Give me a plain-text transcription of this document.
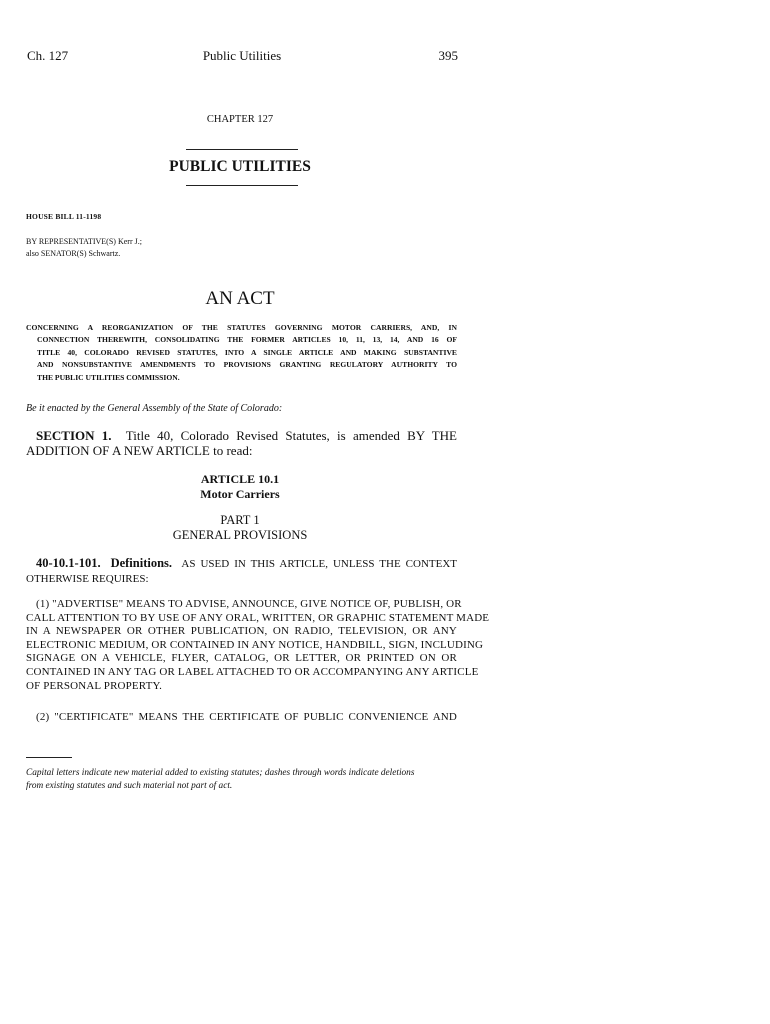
Ch. 127	Public Utilities	395
CHAPTER 127
PUBLIC UTILITIES
HOUSE BILL 11-1198
BY REPRESENTATIVE(S) Kerr J.;
also SENATOR(S) Schwartz.
AN ACT
CONCERNING A REORGANIZATION OF THE STATUTES GOVERNING MOTOR CARRIERS, AND, IN
CONNECTION THEREWITH, CONSOLIDATING THE FORMER ARTICLES 10, 11, 13, 14, AND 16 OF
TITLE 40, COLORADO REVISED STATUTES, INTO A SINGLE ARTICLE AND MAKING SUBSTANTIVE
AND NONSUBSTANTIVE AMENDMENTS TO PROVISIONS GRANTING REGULATORY AUTHORITY TO
THE PUBLIC UTILITIES COMMISSION.
Be it enacted by the General Assembly of the State of Colorado:
SECTION 1. Title 40, Colorado Revised Statutes, is amended BY THE
ADDITION OF A NEW ARTICLE to read:
ARTICLE 10.1
Motor Carriers
PART 1
GENERAL PROVISIONS
40-10.1-101. Definitions. AS USED IN THIS ARTICLE, UNLESS THE CONTEXT
OTHERWISE REQUIRES:
(1) "ADVERTISE" MEANS TO ADVISE, ANNOUNCE, GIVE NOTICE OF, PUBLISH, OR
CALL ATTENTION TO BY USE OF ANY ORAL, WRITTEN, OR GRAPHIC STATEMENT MADE
IN A NEWSPAPER OR OTHER PUBLICATION, ON RADIO, TELEVISION, OR ANY
ELECTRONIC MEDIUM, OR CONTAINED IN ANY NOTICE, HANDBILL, SIGN, INCLUDING
SIGNAGE ON A VEHICLE, FLYER, CATALOG, OR LETTER, OR PRINTED ON OR
CONTAINED IN ANY TAG OR LABEL ATTACHED TO OR ACCOMPANYING ANY ARTICLE
OF PERSONAL PROPERTY.
(2) "CERTIFICATE" MEANS THE CERTIFICATE OF PUBLIC CONVENIENCE AND
Capital letters indicate new material added to existing statutes; dashes through words indicate deletions
from existing statutes and such material not part of act.
